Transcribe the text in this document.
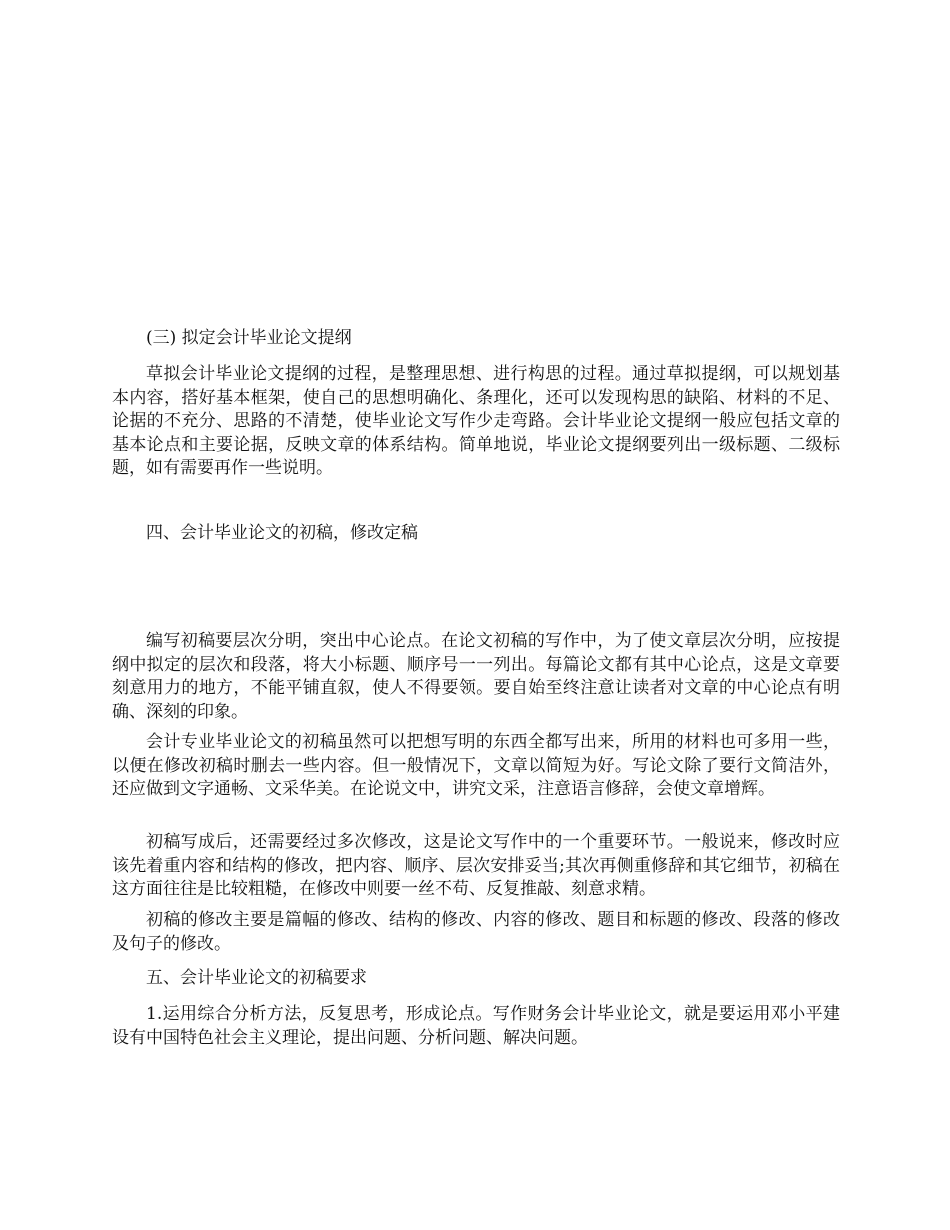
(三) 拟定会计毕业论文提纲

草拟会计毕业论文提纲的过程，是整理思想、进行构思的过程。通过草拟提纲，可以规划基本内容，搭好基本框架，使自己的思想明确化、条理化，还可以发现构思的缺陷、材料的不足、论据的不充分、思路的不清楚，使毕业论文写作少走弯路。会计毕业论文提纲一般应包括文章的基本论点和主要论据，反映文章的体系结构。简单地说，毕业论文提纲要列出一级标题、二级标题，如有需要再作一些说明。

四、会计毕业论文的初稿，修改定稿

编写初稿要层次分明，突出中心论点。在论文初稿的写作中，为了使文章层次分明，应按提纲中拟定的层次和段落，将大小标题、顺序号一一列出。每篇论文都有其中心论点，这是文章要刻意用力的地方，不能平铺直叙，使人不得要领。要自始至终注意让读者对文章的中心论点有明确、深刻的印象。

会计专业毕业论文的初稿虽然可以把想写明的东西全都写出来，所用的材料也可多用一些，以便在修改初稿时删去一些内容。但一般情况下，文章以简短为好。写论文除了要行文简洁外，还应做到文字通畅、文采华美。在论说文中，讲究文采，注意语言修辞，会使文章增辉。

初稿写成后，还需要经过多次修改，这是论文写作中的一个重要环节。一般说来，修改时应该先着重内容和结构的修改，把内容、顺序、层次安排妥当;其次再侧重修辞和其它细节，初稿在这方面往往是比较粗糙，在修改中则要一丝不苟、反复推敲、刻意求精。

初稿的修改主要是篇幅的修改、结构的修改、内容的修改、题目和标题的修改、段落的修改及句子的修改。

五、会计毕业论文的初稿要求

1.运用综合分析方法，反复思考，形成论点。写作财务会计毕业论文，就是要运用邓小平建设有中国特色社会主义理论，提出问题、分析问题、解决问题。
